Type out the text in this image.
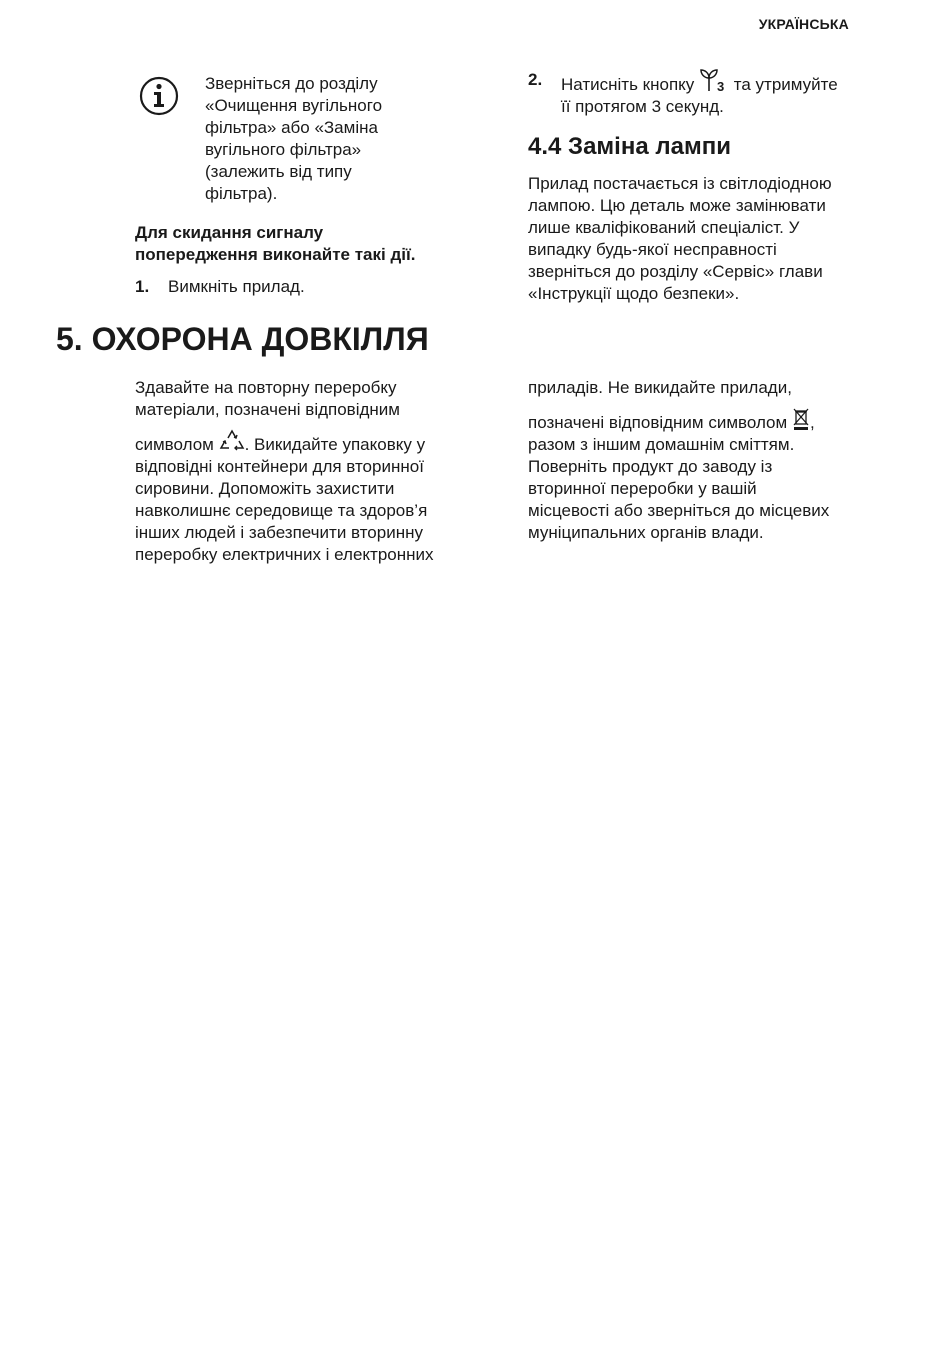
УКРАЇНСЬКА
Зверніться до розділу
«Очищення вугільного
фільтра» або «Заміна
вугільного фільтра»
(залежить від типу
фільтра).
Для скидання сигналу
попередження виконайте такі дії.
1.	Вимкніть прилад.
2.	Натисніть кнопку 3 та утримуйте
її протягом 3 секунд.
4.4 Заміна лампи
Прилад постачається із світлодіодною
лампою. Цю деталь може замінювати
лише кваліфікований спеціаліст. У
випадку будь-якої несправності
зверніться до розділу «Сервіс» глави
«Інструкції щодо безпеки».
5. ОХОРОНА ДОВКІЛЛЯ
Здавайте на повторну переробку
матеріали, позначені відповідним
символом . Викидайте упаковку у
відповідні контейнери для вторинної
сировини. Допоможіть захистити
навколишнє середовище та здоров’я
інших людей і забезпечити вторинну
переробку електричних і електронних
приладів. Не викидайте прилади,
позначені відповідним символом ,
разом з іншим домашнім сміттям.
Поверніть продукт до заводу із
вторинної переробки у вашій
місцевості або зверніться до місцевих
муніципальних органів влади.
